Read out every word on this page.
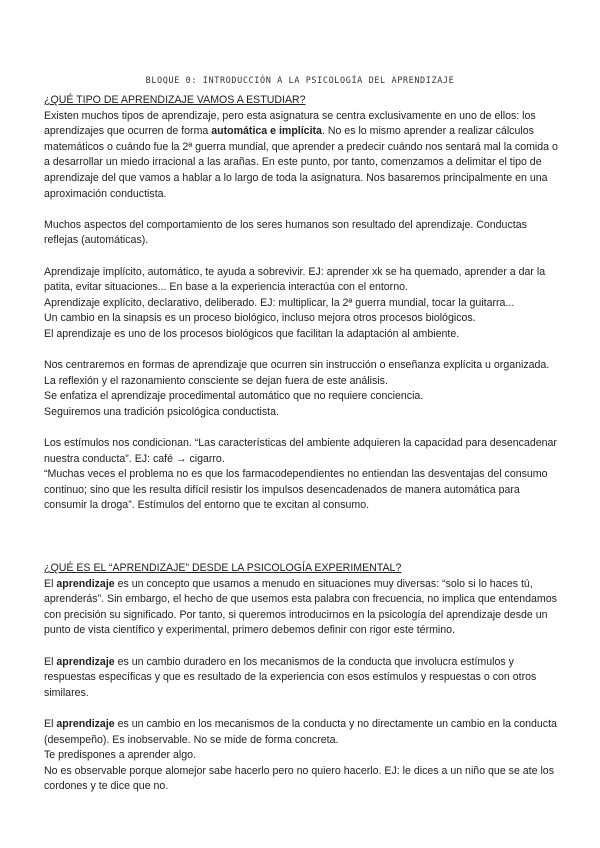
BLOQUE 0: INTRODUCCIÓN A LA PSICOLOGÍA DEL APRENDIZAJE

¿QUÉ TIPO DE APRENDIZAJE VAMOS A ESTUDIAR?

Existen muchos tipos de aprendizaje, pero esta asignatura se centra exclusivamente en uno de ellos: los aprendizajes que ocurren de forma automática e implícita. No es lo mismo aprender a realizar cálculos matemáticos o cuándo fue la 2ª guerra mundial, que aprender a predecir cuándo nos sentará mal la comida o a desarrollar un miedo irracional a las arañas. En este punto, por tanto, comenzamos a delimitar el tipo de aprendizaje del que vamos a hablar a lo largo de toda la asignatura. Nos basaremos principalmente en una aproximación conductista.

Muchos aspectos del comportamiento de los seres humanos son resultado del aprendizaje. Conductas reflejas (automáticas).

Aprendizaje implícito, automático, te ayuda a sobrevivir. EJ: aprender xk se ha quemado, aprender a dar la patita, evitar situaciones... En base a la experiencia interactúa con el entorno.

Aprendizaje explícito, declarativo, deliberado. EJ: multiplicar, la 2ª guerra mundial, tocar la guitarra...

Un cambio en la sinapsis es un proceso biológico, incluso mejora otros procesos biológicos.

El aprendizaje es uno de los procesos biológicos que facilitan la adaptación al ambiente.

Nos centraremos en formas de aprendizaje que ocurren sin instrucción o enseñanza explícita u organizada.

La reflexión y el razonamiento consciente se dejan fuera de este análisis.

Se enfatiza el aprendizaje procedimental automático que no requiere conciencia.

Seguiremos una tradición psicológica conductista.

Los estímulos nos condicionan. “Las características del ambiente adquieren la capacidad para desencadenar nuestra conducta”. EJ: café → cigarro.

“Muchas veces el problema no es que los farmacodependientes no entiendan las desventajas del consumo continuo; sino que les resulta difícil resistir los impulsos desencadenados de manera automática para consumir la droga”. Estímulos del entorno que te excitan al consumo.

¿QUÉ ES EL “APRENDIZAJE” DESDE LA PSICOLOGÍA EXPERIMENTAL?

El aprendizaje es un concepto que usamos a menudo en situaciones muy diversas: “solo si lo haces tú, aprenderás”. Sin embargo, el hecho de que usemos esta palabra con frecuencia, no implica que entendamos con precisión su significado. Por tanto, si queremos introducirnos en la psicología del aprendizaje desde un punto de vista científico y experimental, primero debemos definir con rigor este término.

El aprendizaje es un cambio duradero en los mecanismos de la conducta que involucra estímulos y respuestas específicas y que es resultado de la experiencia con esos estímulos y respuestas o con otros similares.

El aprendizaje es un cambio en los mecanismos de la conducta y no directamente un cambio en la conducta (desempeño). Es inobservable. No se mide de forma concreta.

Te predispones a aprender algo.

No es observable porque alomejor sabe hacerlo pero no quiero hacerlo. EJ: le dices a un niño que se ate los cordones y te dice que no.
